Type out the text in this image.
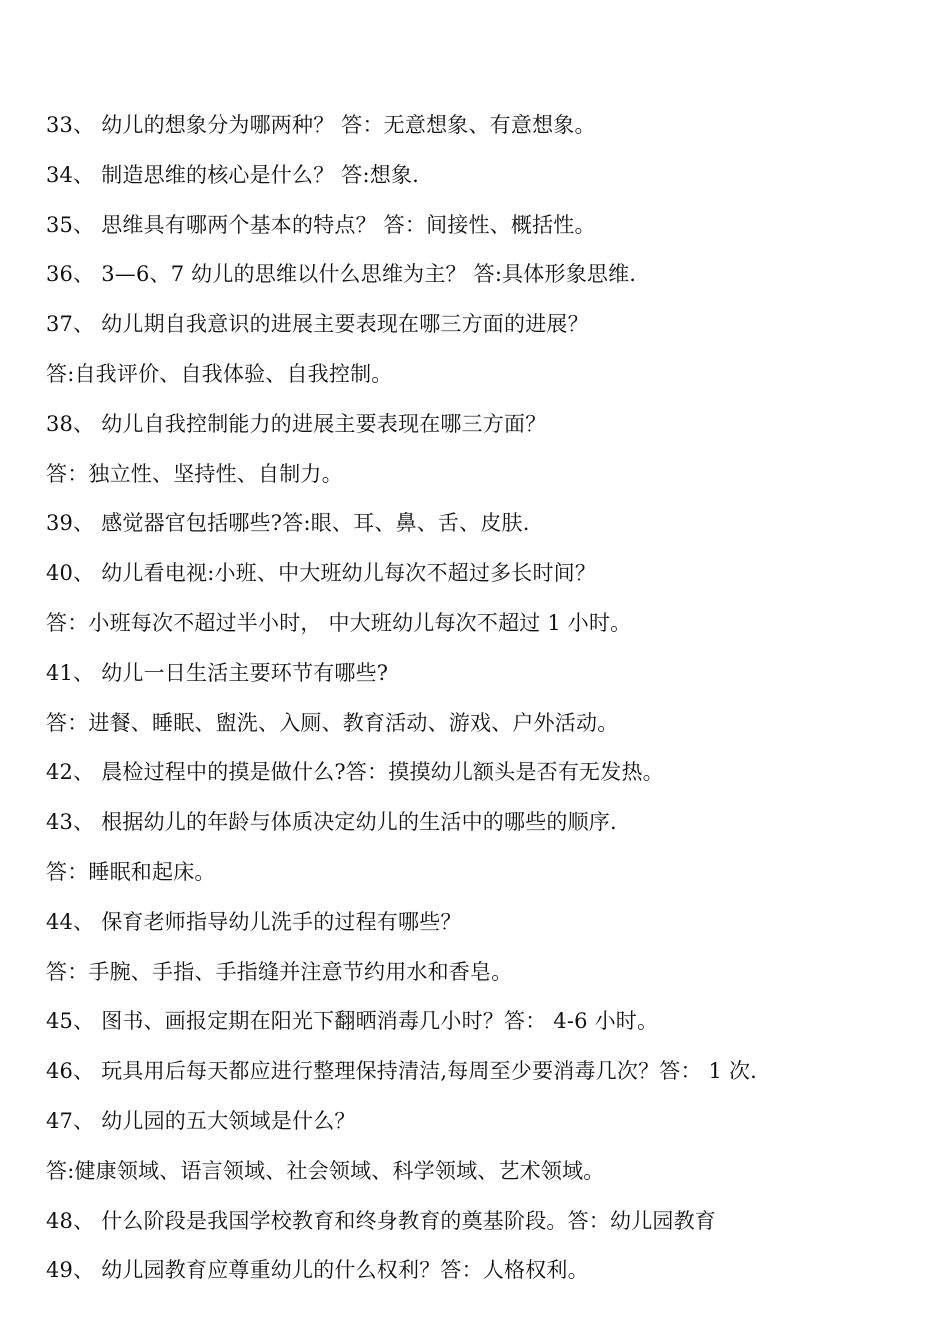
33、 幼儿的想象分为哪两种？ 答：无意想象、有意想象。
34、 制造思维的核心是什么？ 答:想象.
35、 思维具有哪两个基本的特点？ 答：间接性、概括性。
36、 3—6、7 幼儿的思维以什么思维为主？ 答:具体形象思维.
37、 幼儿期自我意识的进展主要表现在哪三方面的进展？
答:自我评价、自我体验、自我控制。
38、 幼儿自我控制能力的进展主要表现在哪三方面？
答：独立性、坚持性、自制力。
39、 感觉器官包括哪些?答:眼、耳、鼻、舌、皮肤.
40、 幼儿看电视:小班、中大班幼儿每次不超过多长时间？
答：小班每次不超过半小时， 中大班幼儿每次不超过 1 小时。
41、 幼儿一日生活主要环节有哪些?
答：进餐、睡眠、盥洗、入厕、教育活动、游戏、户外活动。
42、 晨检过程中的摸是做什么?答：摸摸幼儿额头是否有无发热。
43、 根据幼儿的年龄与体质决定幼儿的生活中的哪些的顺序.
答：睡眠和起床。
44、 保育老师指导幼儿洗手的过程有哪些？
答：手腕、手指、手指缝并注意节约用水和香皂。
45、 图书、画报定期在阳光下翻晒消毒几小时？答： 4-6 小时。
46、 玩具用后每天都应进行整理保持清洁,每周至少要消毒几次？答： 1 次.
47、 幼儿园的五大领域是什么？
答:健康领域、语言领域、社会领域、科学领域、艺术领域。
48、 什么阶段是我国学校教育和终身教育的奠基阶段。答：幼儿园教育
49、 幼儿园教育应尊重幼儿的什么权利？答：人格权利。
